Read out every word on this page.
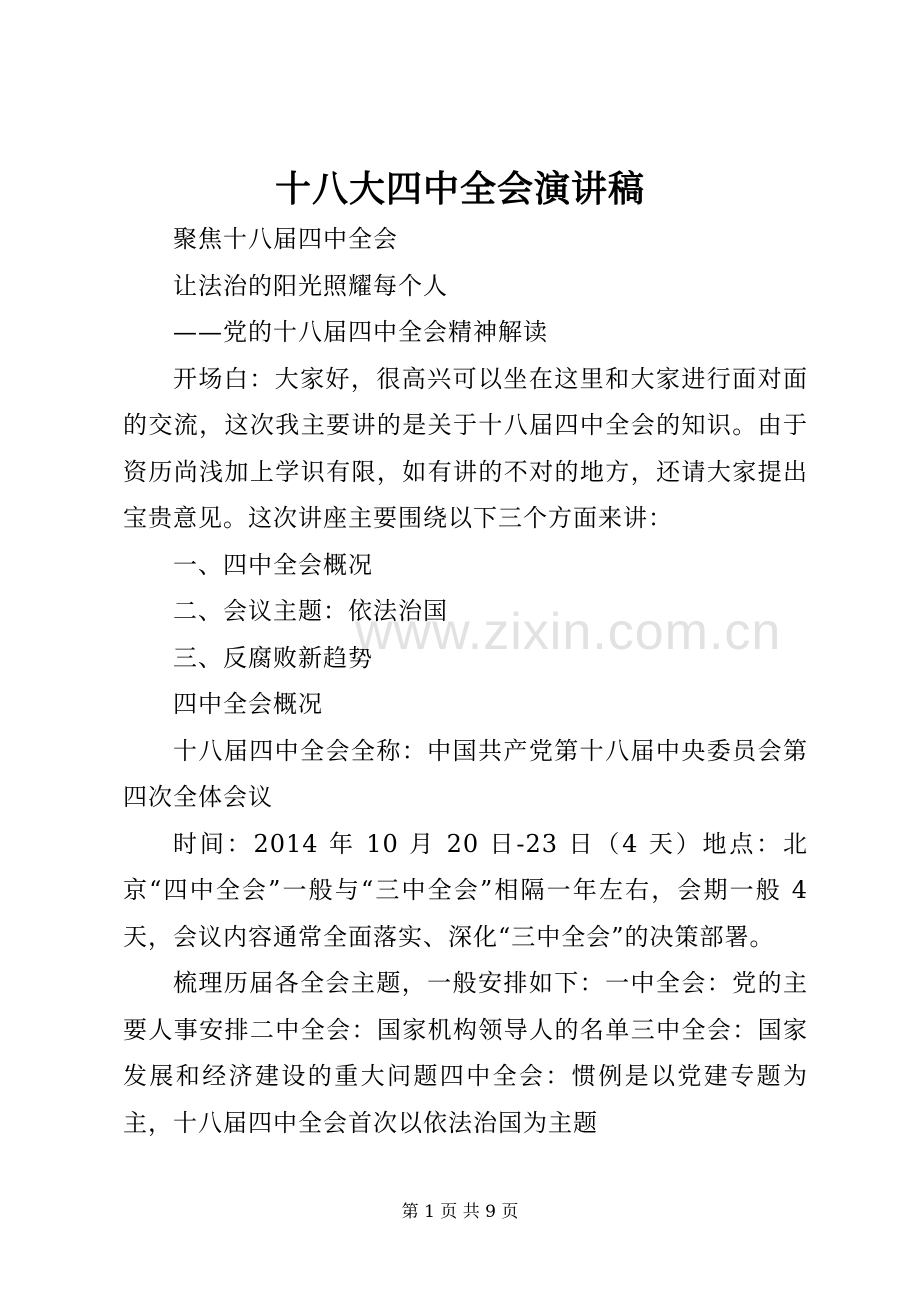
十八大四中全会演讲稿

聚焦十八届四中全会

让法治的阳光照耀每个人

——党的十八届四中全会精神解读

开场白：大家好，很高兴可以坐在这里和大家进行面对面的交流，这次我主要讲的是关于十八届四中全会的知识。由于资历尚浅加上学识有限，如有讲的不对的地方，还请大家提出宝贵意见。这次讲座主要围绕以下三个方面来讲：

一、四中全会概况

二、会议主题：依法治国

三、反腐败新趋势

四中全会概况

十八届四中全会全称：中国共产党第十八届中央委员会第四次全体会议

时间：2014 年 10 月 20 日-23 日（4 天）地点：北京“四中全会”一般与“三中全会”相隔一年左右，会期一般 4 天，会议内容通常全面落实、深化“三中全会”的决策部署。

梳理历届各全会主题，一般安排如下：一中全会：党的主要人事安排二中全会：国家机构领导人的名单三中全会：国家发展和经济建设的重大问题四中全会：惯例是以党建专题为主，十八届四中全会首次以依法治国为主题

www.zixin.com.cn
第 1 页 共 9 页
